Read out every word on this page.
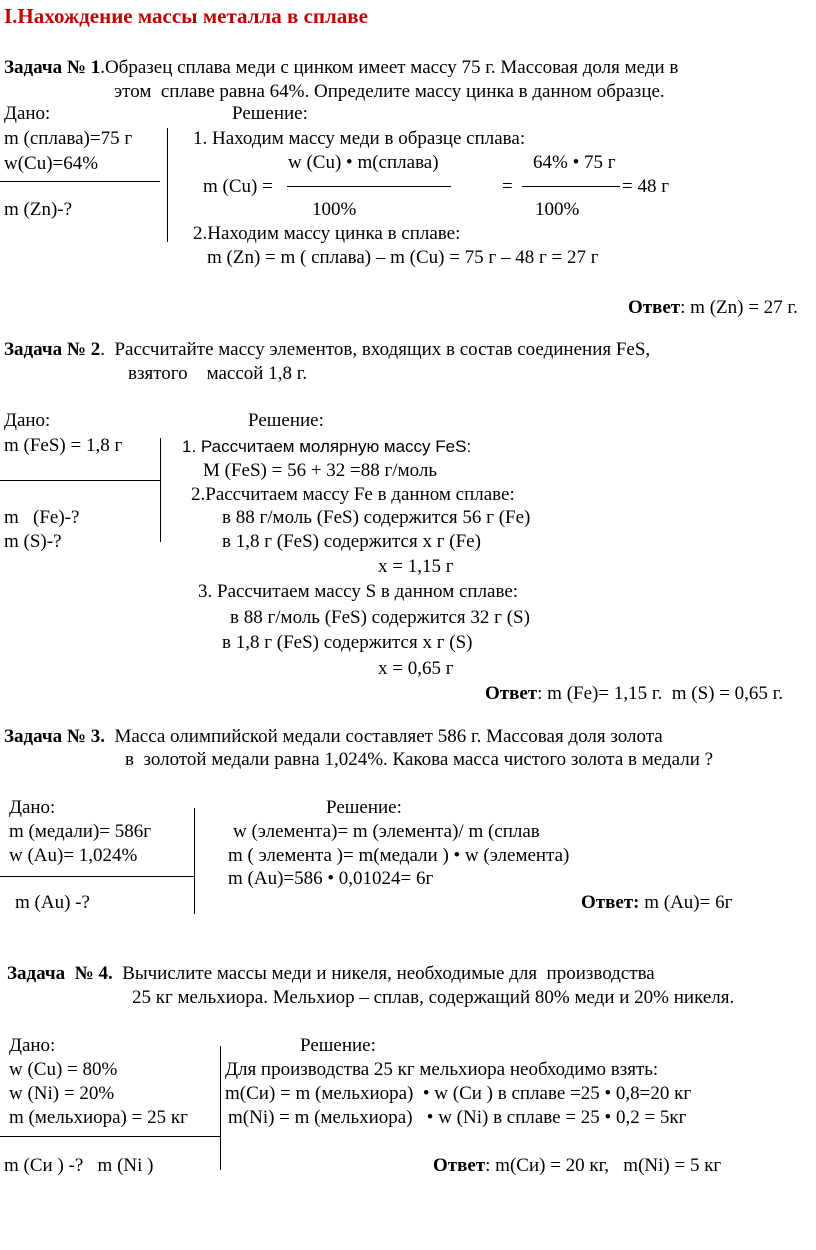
I.Нахождение массы металла в сплаве
Задача № 1.Образец сплава меди с цинком имеет массу 75 г. Массовая доля меди в
этом  сплаве равна 64%. Определите массу цинка в данном образце.
Дано:	Решение:
m (сплава)=75 г
w(Cu)=64%
m (Zn)-?
1. Находим массу меди в образце сплава:
w (Cu) • m(сплава)
m (Cu) =
100%
64% • 75 г
=
100%
= 48 г
2.Находим массу цинка в сплаве:
m (Zn) = m ( сплава) – m (Cu) = 75 г – 48 г = 27 г
Ответ: m (Zn) = 27 г.
Задача № 2.  Рассчитайте массу элементов, входящих в состав соединения FeS,
взятого    массой 1,8 г.
Дано:	Решение:
m (FeS) = 1,8 г
m   (Fe)-?
m (S)-?
1. Рассчитаем молярную массу FeS:
М (FeS) = 56 + 32 =88 г/моль
2.Рассчитаем массу Fe в данном сплаве:
в 88 г/моль (FeS) содержится 56 г (Fe)
в 1,8 г (FeS) содержится х г (Fe)
х = 1,15 г
3. Рассчитаем массу S в данном сплаве:
в 88 г/моль (FeS) содержится 32 г (S)
в 1,8 г (FeS) содержится х г (S)
х = 0,65 г
Ответ: m (Fe)= 1,15 г.  m (S) = 0,65 г.
Задача № 3.  Масса олимпийской медали составляет 586 г. Массовая доля золота
в  золотой медали равна 1,024%. Какова масса чистого золота в медали ?
Дано:	Решение:
m (медали)= 586г
w (Au)= 1,024%
m (Au) -?
w (элемента)= m (элемента)/ m (сплав
m ( элемента )= m(медали ) • w (элемента)
m (Au)=586 • 0,01024= 6г
Ответ: m (Au)= 6г
Задача  № 4.  Вычислите массы меди и никеля, необходимые для  производства
25 кг мельхиора. Мельхиор – сплав, содержащий 80% меди и 20% никеля.
Дано:	Решение:
w (Cu) = 80%
w (Ni) = 20%
m (мельхиора) = 25 кг
m (Си ) -?   m (Ni )
Для производства 25 кг мельхиора необходимо взять:
m(Си) = m (мельхиора)  • w (Си ) в сплаве =25 • 0,8=20 кг
m(Ni) = m (мельхиора)   • w (Ni) в сплаве = 25 • 0,2 = 5кг
Ответ: m(Си) = 20 кг,   m(Ni) = 5 кг
